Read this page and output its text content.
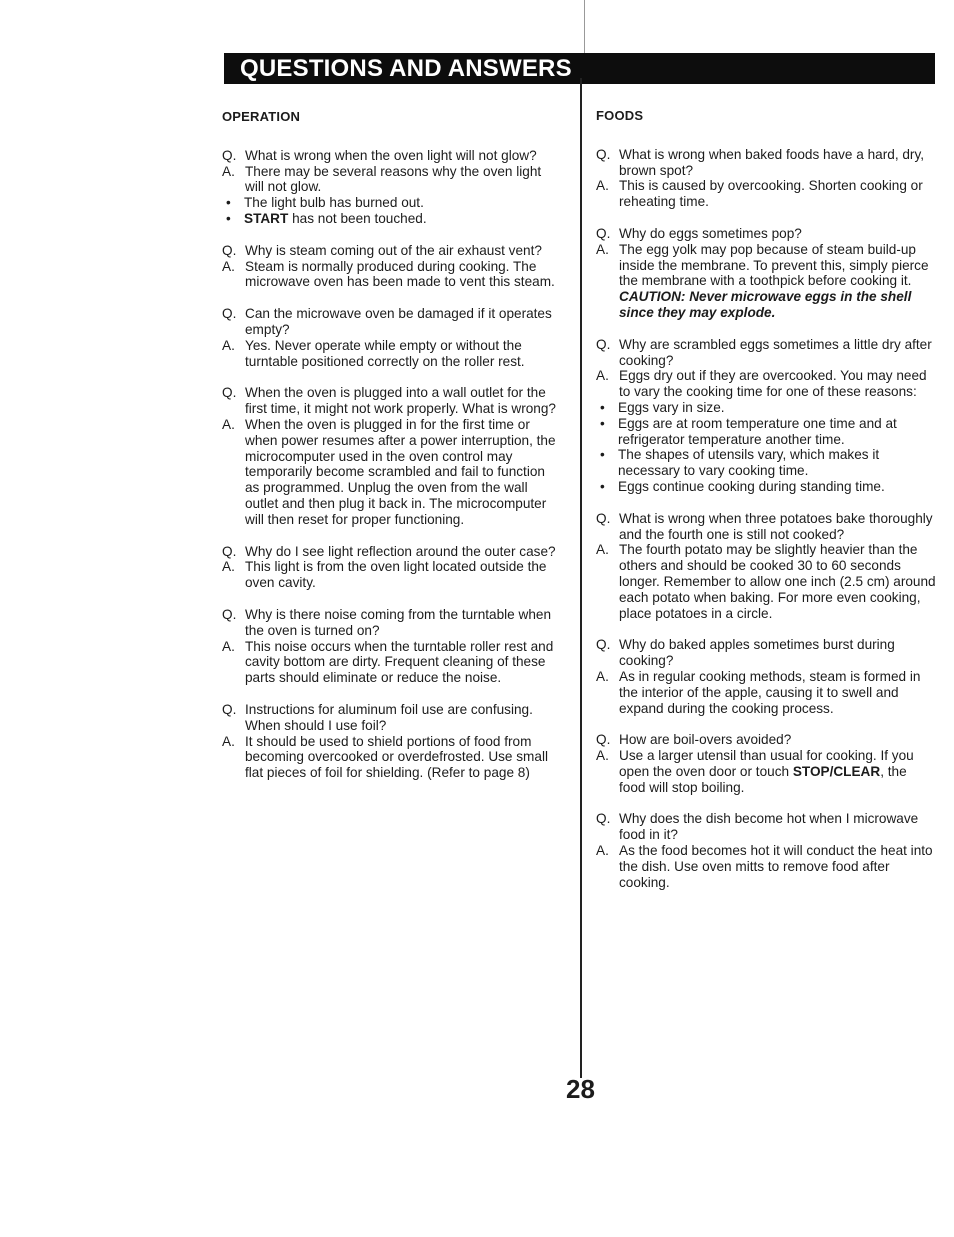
QUESTIONS AND ANSWERS
OPERATION
Q. What is wrong when the oven light will not glow?
A. There may be several reasons why the oven light will not glow.
• The light bulb has burned out.
• START has not been touched.
Q. Why is steam coming out of the air exhaust vent?
A. Steam is normally produced during cooking. The microwave oven has been made to vent this steam.
Q. Can the microwave oven be damaged if it operates empty?
A. Yes. Never operate while empty or without the turntable positioned correctly on the roller rest.
Q. When the oven is plugged into a wall outlet for the first time, it might not work properly. What is wrong?
A. When the oven is plugged in for the first time or when power resumes after a power interruption, the microcomputer used in the oven control may temporarily become scrambled and fail to function as programmed. Unplug the oven from the wall outlet and then plug it back in. The microcomputer will then reset for proper functioning.
Q. Why do I see light reflection around the outer case?
A. This light is from the oven light located outside the oven cavity.
Q. Why is there noise coming from the turntable when the oven is turned on?
A. This noise occurs when the turntable roller rest and cavity bottom are dirty. Frequent cleaning of these parts should eliminate or reduce the noise.
Q. Instructions for aluminum foil use are confusing. When should I use foil?
A. It should be used to shield portions of food from becoming overcooked or overdefrosted. Use small flat pieces of foil for shielding. (Refer to page 8)
FOODS
Q. What is wrong when baked foods have a hard, dry, brown spot?
A. This is caused by overcooking. Shorten cooking or reheating time.
Q. Why do eggs sometimes pop?
A. The egg yolk may pop because of steam build-up inside the membrane. To prevent this, simply pierce the membrane with a toothpick before cooking it.
CAUTION: Never microwave eggs in the shell since they may explode.
Q. Why are scrambled eggs sometimes a little dry after cooking?
A. Eggs dry out if they are overcooked. You may need to vary the cooking time for one of these reasons:
• Eggs vary in size.
• Eggs are at room temperature one time and at refrigerator temperature another time.
• The shapes of utensils vary, which makes it necessary to vary cooking time.
• Eggs continue cooking during standing time.
Q. What is wrong when three potatoes bake thoroughly and the fourth one is still not cooked?
A. The fourth potato may be slightly heavier than the others and should be cooked 30 to 60 seconds longer. Remember to allow one inch (2.5 cm) around each potato when baking. For more even cooking, place potatoes in a circle.
Q. Why do baked apples sometimes burst during cooking?
A. As in regular cooking methods, steam is formed in the interior of the apple, causing it to swell and expand during the cooking process.
Q. How are boil-overs avoided?
A. Use a larger utensil than usual for cooking. If you open the oven door or touch STOP/CLEAR, the food will stop boiling.
Q. Why does the dish become hot when I microwave food in it?
A. As the food becomes hot it will conduct the heat into the dish. Use oven mitts to remove food after cooking.
28
